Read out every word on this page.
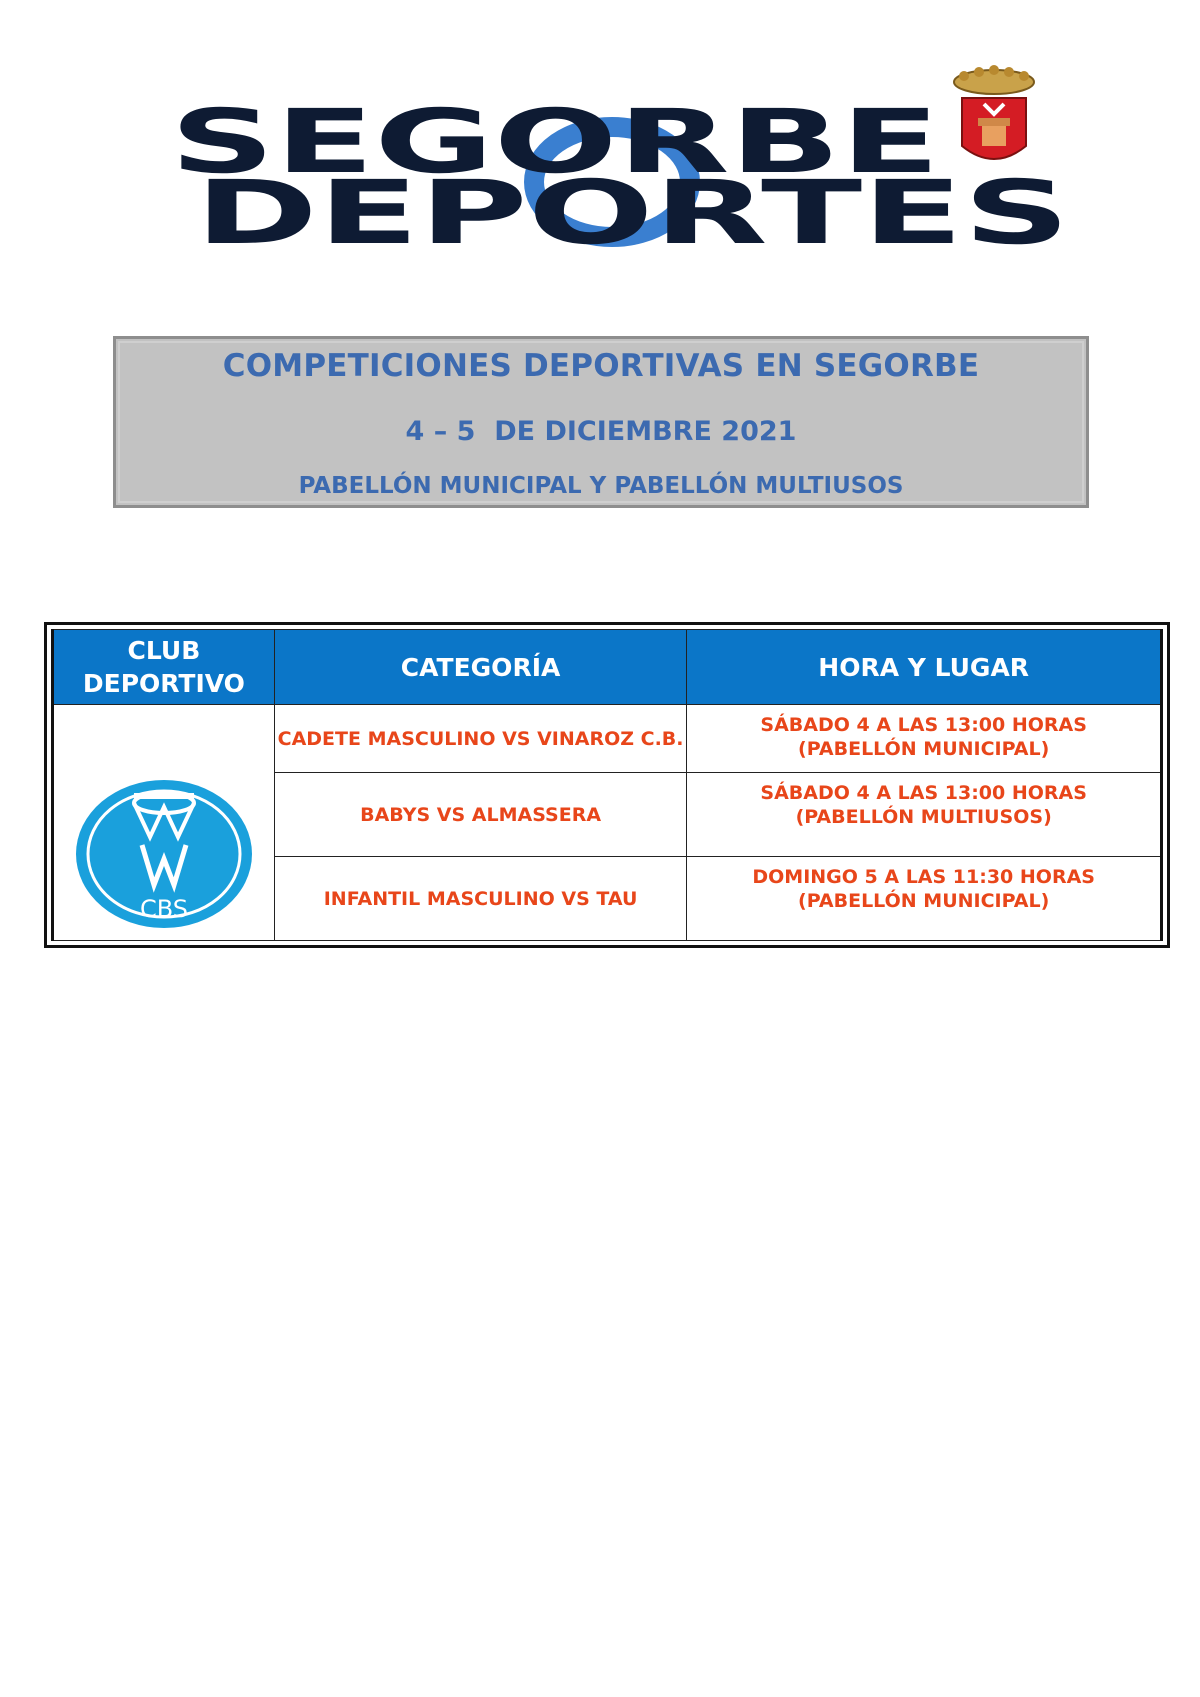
SEGORBE
DEPORTES
COMPETICIONES DEPORTIVAS EN SEGORBE
4 – 5  DE DICIEMBRE 2021
PABELLÓN MUNICIPAL Y PABELLÓN MULTIUSOS
CLUB DEPORTIVO	CATEGORÍA	HORA Y LUGAR

CBS	CADETE MASCULINO VS VINAROZ C.B.	SÁBADO 4 A LAS 13:00 HORAS
(PABELLÓN MUNICIPAL)

	BABYS VS ALMASSERA	SÁBADO 4 A LAS 13:00 HORAS
(PABELLÓN MULTIUSOS)

	INFANTIL MASCULINO VS TAU	DOMINGO 5 A LAS 11:30 HORAS
(PABELLÓN MUNICIPAL)
